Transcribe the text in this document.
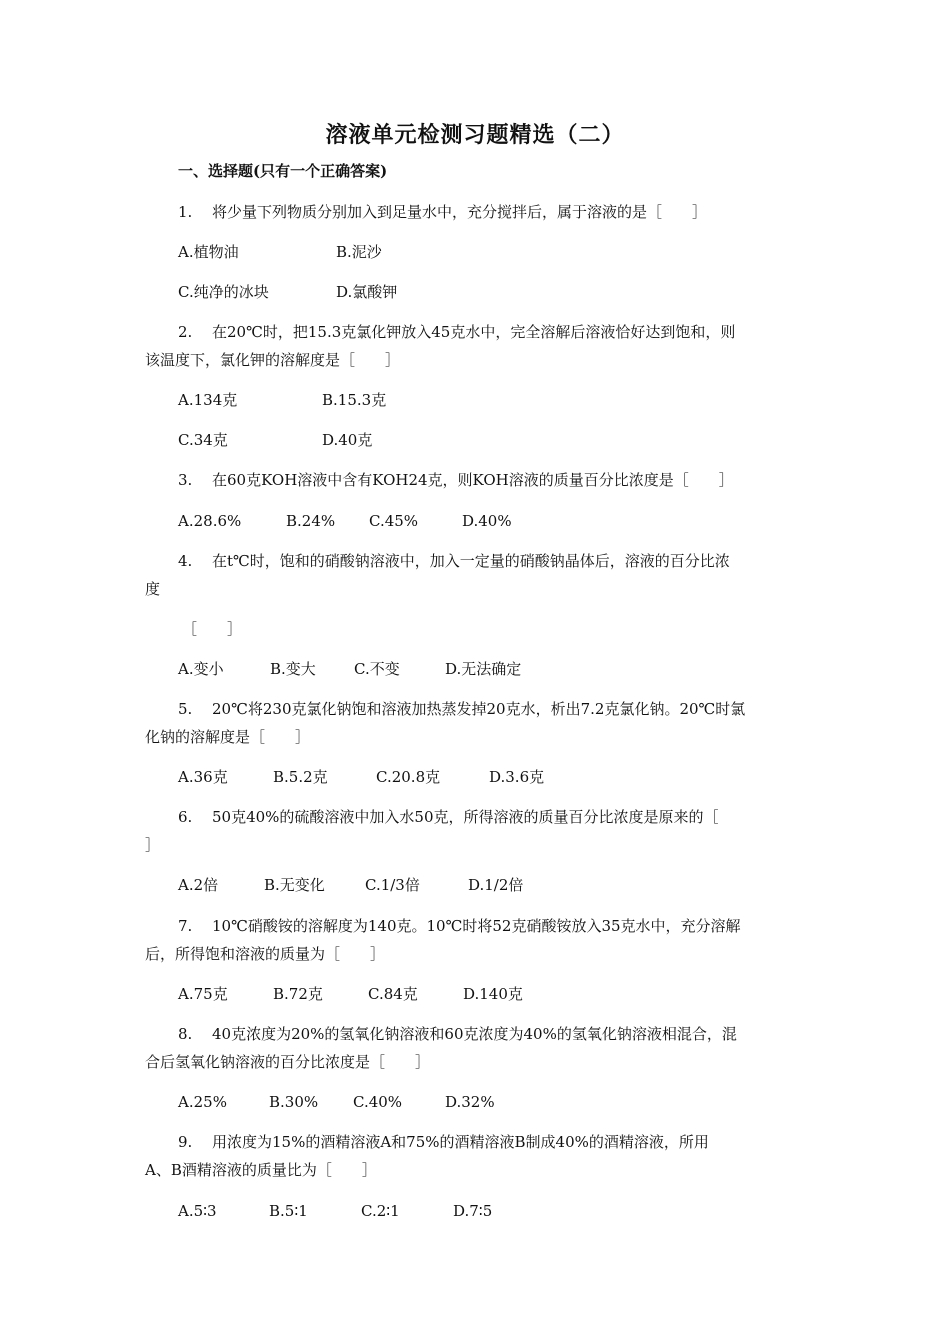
溶液单元检测习题精选（二）
一、选择题(只有一个正确答案)
1. 将少量下列物质分别加入到足量水中，充分搅拌后，属于溶液的是［　　］
A.植物油	B.泥沙
C.纯净的冰块	D.氯酸钾
2. 在20℃时，把15.3克氯化钾放入45克水中，完全溶解后溶液恰好达到饱和，则
该温度下，氯化钾的溶解度是［　　］
A.134克	B.15.3克
C.34克	D.40克
3. 在60克KOH溶液中含有KOH24克，则KOH溶液的质量百分比浓度是［　　］
A.28.6%	B.24% C.45%	D.40%
4. 在t℃时，饱和的硝酸钠溶液中，加入一定量的硝酸钠晶体后，溶液的百分比浓
度
［　　］
A.变小	B.变大	C.不变	D.无法确定
5. 20℃将230克氯化钠饱和溶液加热蒸发掉20克水，析出7.2克氯化钠。20℃时氯
化钠的溶解度是［　　］
A.36克	B.5.2克	C.20.8克	D.3.6克
6. 50克40%的硫酸溶液中加入水50克，所得溶液的质量百分比浓度是原来的［
］
A.2倍	B.无变化	C.1/3倍	D.1/2倍
7. 10℃硝酸铵的溶解度为140克。10℃时将52克硝酸铵放入35克水中，充分溶解
后，所得饱和溶液的质量为［　　］
A.75克	B.72克	C.84克	D.140克
8. 40克浓度为20%的氢氧化钠溶液和60克浓度为40%的氢氧化钠溶液相混合，混
合后氢氧化钠溶液的百分比浓度是［　　］
A.25%	B.30% C.40%	D.32%
9. 用浓度为15%的酒精溶液A和75%的酒精溶液B制成40%的酒精溶液，所用
A、B酒精溶液的质量比为［　　］
A.5∶3	B.5∶1	C.2∶1	D.7∶5
